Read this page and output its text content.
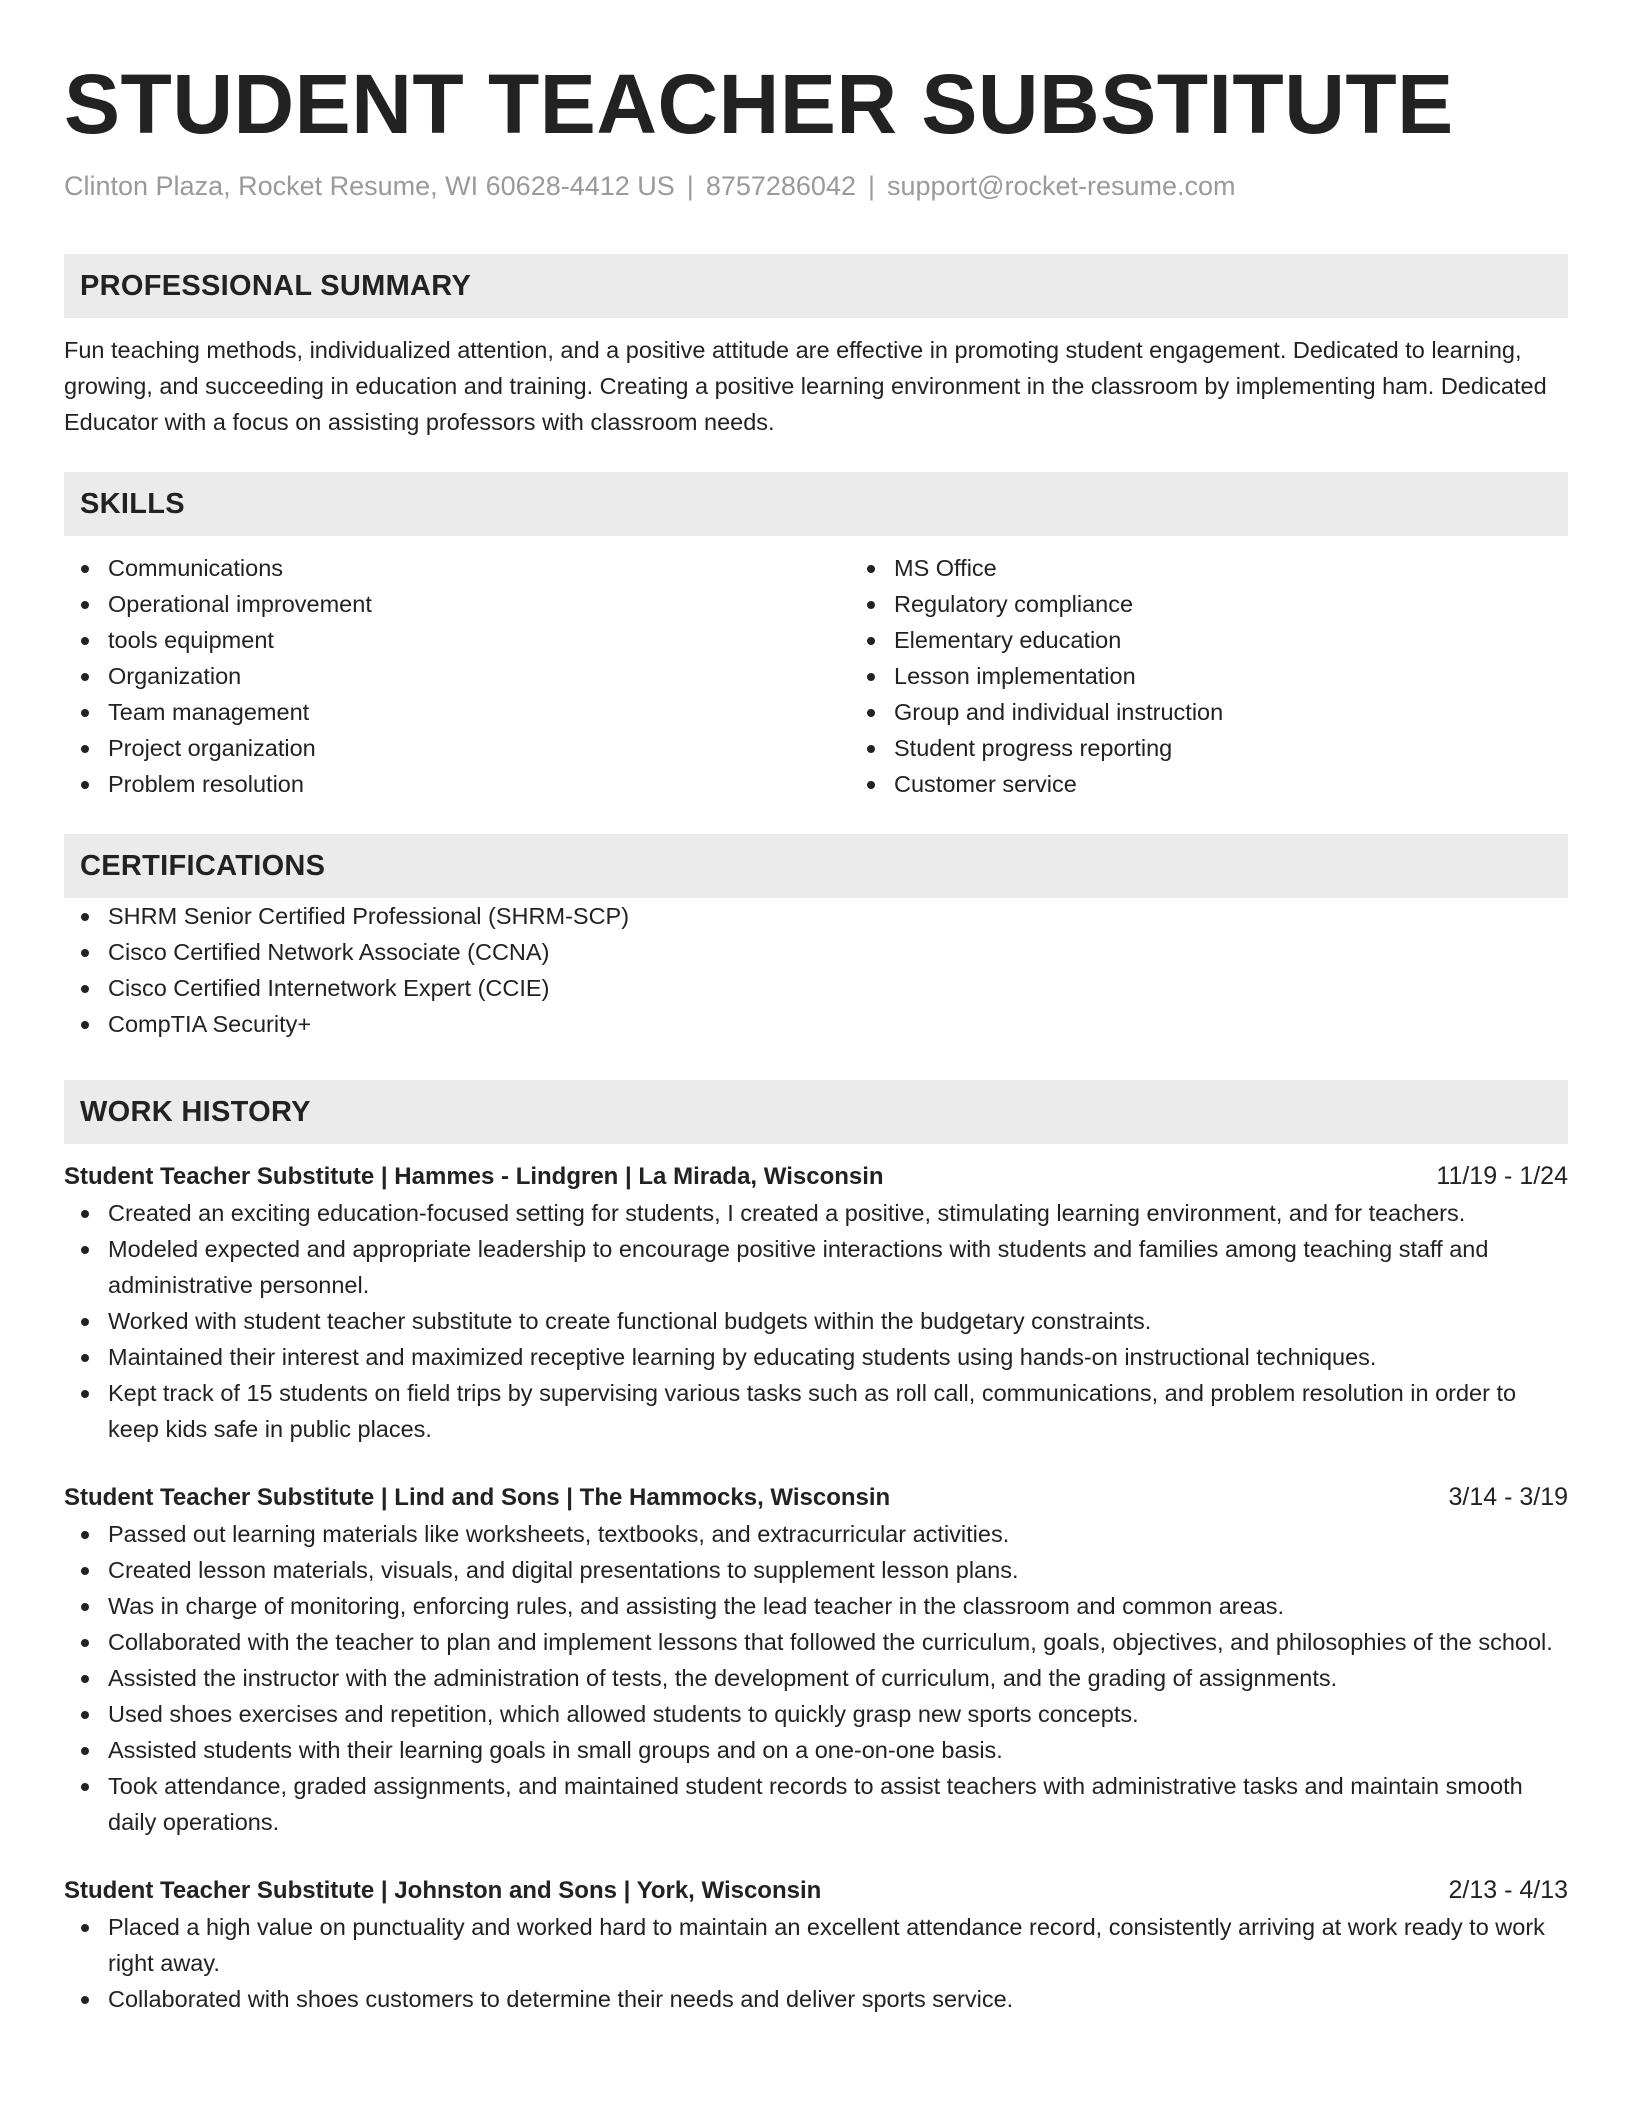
STUDENT TEACHER SUBSTITUTE
Clinton Plaza, Rocket Resume, WI 60628-4412 US | 8757286042 | support@rocket-resume.com
PROFESSIONAL SUMMARY

Fun teaching methods, individualized attention, and a positive attitude are effective in promoting student engagement. Dedicated to learning, growing, and succeeding in education and training. Creating a positive learning environment in the classroom by implementing ham. Dedicated Educator with a focus on assisting professors with classroom needs.

SKILLS
Communications
Operational improvement
tools equipment
Organization
Team management
Project organization
Problem resolution
MS Office
Regulatory compliance
Elementary education
Lesson implementation
Group and individual instruction
Student progress reporting
Customer service
CERTIFICATIONS
SHRM Senior Certified Professional (SHRM-SCP)
Cisco Certified Network Associate (CCNA)
Cisco Certified Internetwork Expert (CCIE)
CompTIA Security+
WORK HISTORY
Student Teacher Substitute | Hammes - Lindgren | La Mirada, Wisconsin	11/19 - 1/24
Created an exciting education-focused setting for students, I created a positive, stimulating learning environment, and for teachers.
Modeled expected and appropriate leadership to encourage positive interactions with students and families among teaching staff and administrative personnel.
Worked with student teacher substitute to create functional budgets within the budgetary constraints.
Maintained their interest and maximized receptive learning by educating students using hands-on instructional techniques.
Kept track of 15 students on field trips by supervising various tasks such as roll call, communications, and problem resolution in order to keep kids safe in public places.
Student Teacher Substitute | Lind and Sons | The Hammocks, Wisconsin	3/14 - 3/19
Passed out learning materials like worksheets, textbooks, and extracurricular activities.
Created lesson materials, visuals, and digital presentations to supplement lesson plans.
Was in charge of monitoring, enforcing rules, and assisting the lead teacher in the classroom and common areas.
Collaborated with the teacher to plan and implement lessons that followed the curriculum, goals, objectives, and philosophies of the school.
Assisted the instructor with the administration of tests, the development of curriculum, and the grading of assignments.
Used shoes exercises and repetition, which allowed students to quickly grasp new sports concepts.
Assisted students with their learning goals in small groups and on a one-on-one basis.
Took attendance, graded assignments, and maintained student records to assist teachers with administrative tasks and maintain smooth daily operations.
Student Teacher Substitute | Johnston and Sons | York, Wisconsin	2/13 - 4/13
Placed a high value on punctuality and worked hard to maintain an excellent attendance record, consistently arriving at work ready to work right away.
Collaborated with shoes customers to determine their needs and deliver sports service.
